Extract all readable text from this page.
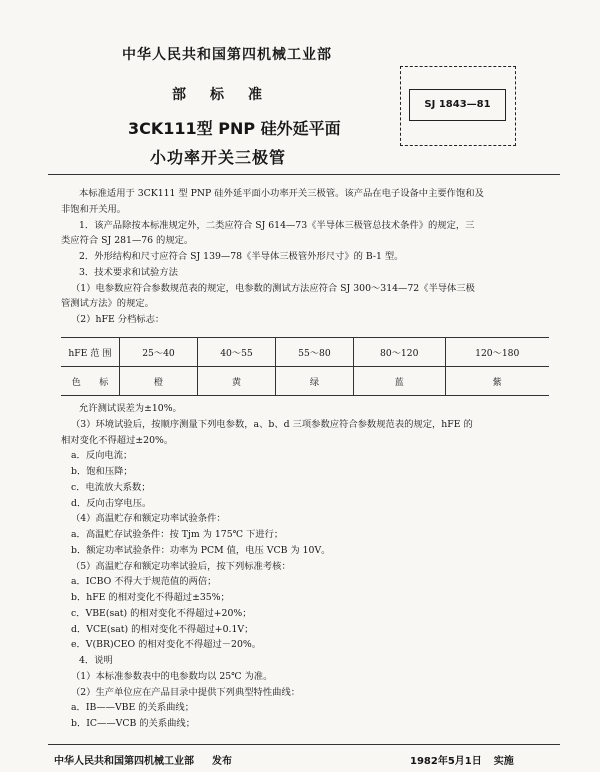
中华人民共和国第四机械工业部
部标准
3CK111型 PNP 硅外延平面
小功率开关三极管
SJ 1843—81

本标准适用于 3CK111 型 PNP 硅外延平面小功率开关三极管。该产品在电子设备中主要作饱和及

非饱和开关用。

1．该产品除按本标准规定外，二类应符合 SJ 614—73《半导体三极管总技术条件》的规定，三

类应符合 SJ 281—76 的规定。

2．外形结构和尺寸应符合 SJ 139—78《半导体三极管外形尺寸》的 B-1 型。

3．技术要求和试验方法

（1）电参数应符合参数规范表的规定，电参数的测试方法应符合 SJ 300～314—72《半导体三极

管测试方法》的规定。

（2）hFE 分档标志：

hFE 范 围	25～40	40～55	55～80	80～120	120～180
色　　标	橙	黄	绿	蓝	紫

允许测试误差为±10%。

（3）环境试验后，按顺序测量下列电参数，a、b、d 三项参数应符合参数规范表的规定，hFE 的

相对变化不得超过±20%。

a．反向电流；

b．饱和压降；

c．电流放大系数；

d．反向击穿电压。

（4）高温贮存和额定功率试验条件：

a．高温贮存试验条件：按 Tjm 为 175℃ 下进行；

b．额定功率试验条件：功率为 PCM 值，电压 VCB 为 10V。

（5）高温贮存和额定功率试验后，按下列标准考核：

a．ICBO 不得大于规范值的两倍；

b．hFE 的相对变化不得超过±35%；

c．VBE(sat) 的相对变化不得超过+20%；

d．VCE(sat) 的相对变化不得超过+0.1V；

e．V(BR)CEO 的相对变化不得超过－20%。

4．说明

（1）本标准参数表中的电参数均以 25℃ 为准。

（2）生产单位应在产品目录中提供下列典型特性曲线：

a．IB——VBE 的关系曲线；

b．IC——VCB 的关系曲线；

中华人民共和国第四机械工业部 发布	1982年5月1日 实施
